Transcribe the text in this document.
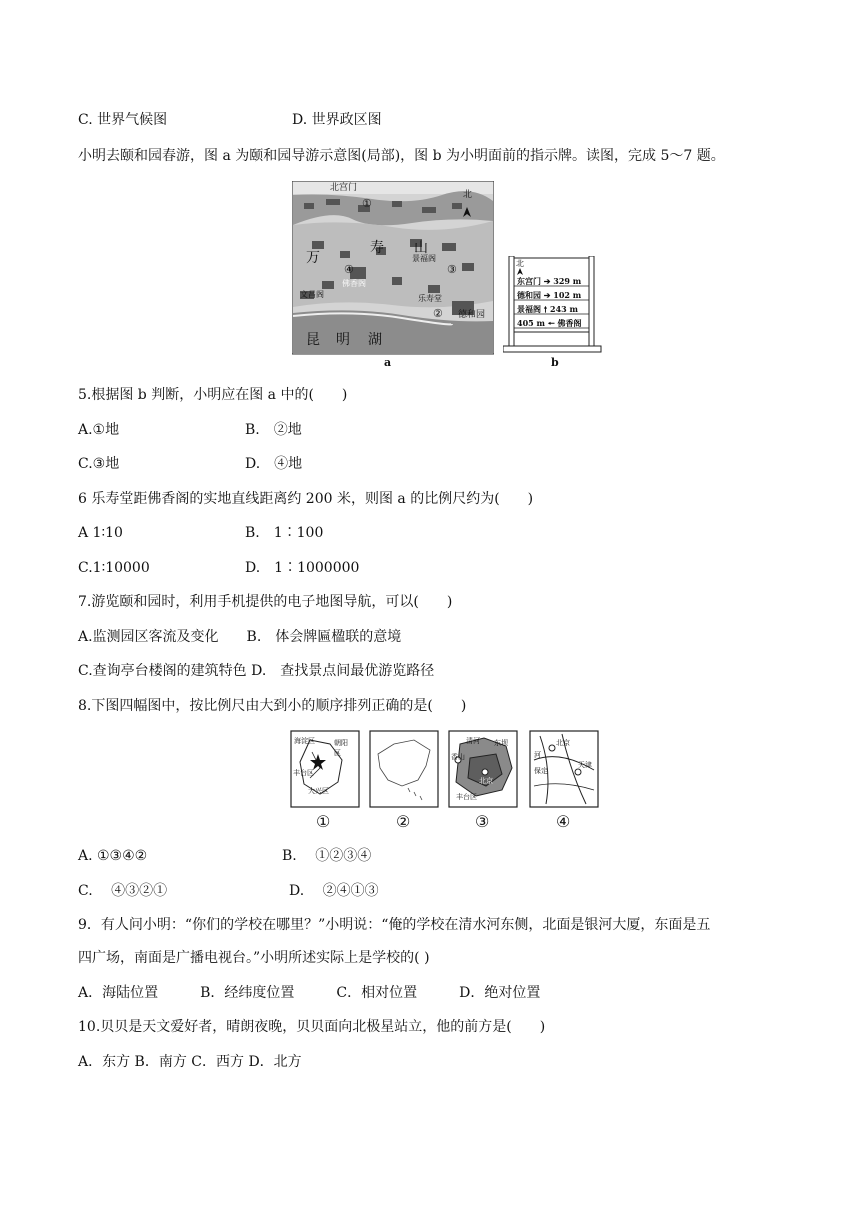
C. 世界气候图	D. 世界政区图
小明去颐和园春游，图 a 为颐和园导游示意图(局部)，图 b 为小明面前的指示牌。读图，完成 5～7 题。
北宫门
北
①
万
寿 山
景福阁
③
④
佛香阁
文昌阁	乐寿堂
② 德和园
昆 明 湖
a
北
东宫门 ➔ 329 m
德和园 ➔ 102 m
景福阁 🠕 243 m
405 m 🠔 佛香阁
b
5.根据图 b 判断，小明应在图 a 中的(　　)
A.①地	B.　②地
C.③地	D.　④地
6 乐寿堂距佛香阁的实地直线距离约 200 米，则图 a 的比例尺约为(　　)
A 1∶10	B.　1∶100
C.1∶10000	D.　1∶1000000
7.游览颐和园时，利用手机提供的电子地图导航，可以(　　)
A.监测园区客流及变化　　B.　体会牌匾楹联的意境
C.查询亭台楼阁的建筑特色 D.　查找景点间最优游览路径
8.下图四幅图中，按比例尺由大到小的顺序排列正确的是(　　)
海淀区	朝阳区
丰台区
大兴区
清河 东坝
北京
丰台区
香山
北京
天津
保定
河
①	②	③	④
A. ①③④②	B.　 ①②③④
C.　 ④③②①	D.　 ②④①③
9．有人问小明：“你们的学校在哪里？”小明说：“俺的学校在清水河东侧，北面是银河大厦，东面是五
四广场，南面是广播电视台。”小明所述实际上是学校的( )
A．海陆位置　　　B．经纬度位置　　　C．相对位置　　　D．绝对位置
10.贝贝是天文爱好者，晴朗夜晚，贝贝面向北极星站立，他的前方是(　　)
A．东方 B．南方 C．西方 D．北方
